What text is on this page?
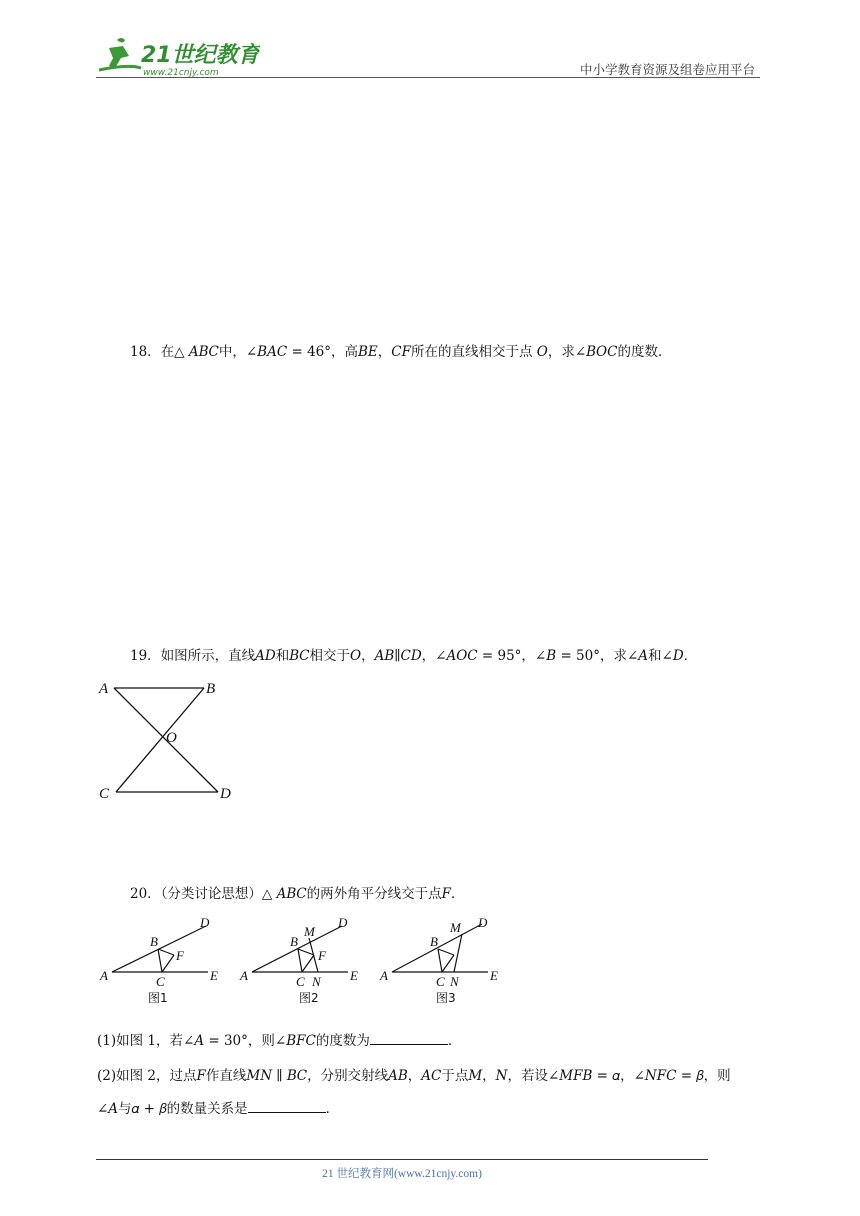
21世纪教育
www.21cnjy.com	中小学教育资源及组卷应用平台
18．在△ 𝐴𝐵𝐶中，∠𝐵𝐴𝐶 = 46°，高𝐵𝐸，𝐶𝐹所在的直线相交于点 𝑂，求∠𝐵𝑂𝐶的度数．
19．如图所示，直线𝐴𝐷和𝐵𝐶相交于𝑂，𝐴𝐵∥𝐶𝐷，∠𝐴𝑂𝐶 = 95°，∠𝐵 = 50°，求∠𝐴和∠𝐷．
A	B
O
C	D
20．（分类讨论思想）△ 𝐴𝐵𝐶的两外角平分线交于点𝐹．
A
B
F
C
D
E
图1
A
B
M
F
C N
D
E
图2
A
B
M D
C N E
图3
(1)如图 1，若∠𝐴 = 30°，则∠𝐵𝐹𝐶的度数为	．
(2)如图 2，过点𝐹作直线𝑀𝑁 ∥ 𝐵𝐶，分别交射线𝐴𝐵，𝐴𝐶于点𝑀，𝑁，若设∠𝑀𝐹𝐵 = 𝛼，∠𝑁𝐹𝐶 = 𝛽，则
∠𝐴与𝛼 + 𝛽的数量关系是	．
21 世纪教育网(www.21cnjy.com)
